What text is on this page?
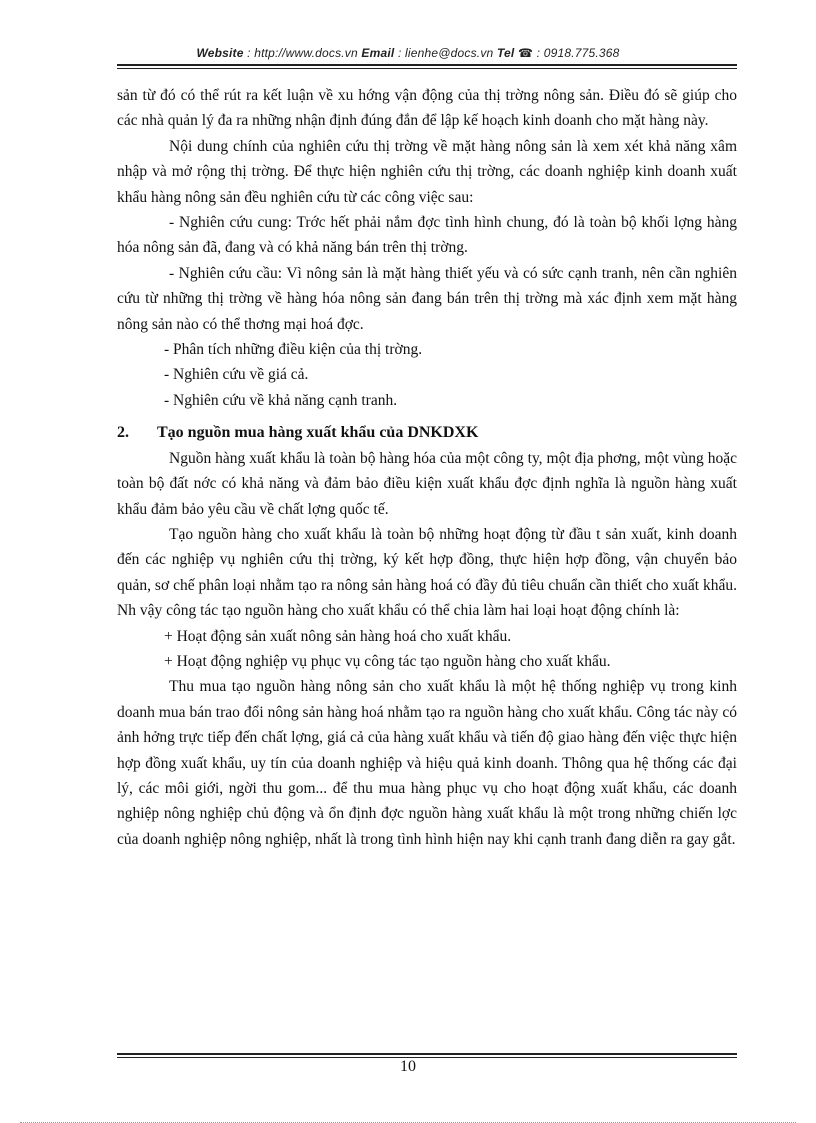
Website : http://www.docs.vn Email : lienhe@docs.vn Tel ☎ : 0918.775.368

sản từ đó có thể rút ra kết luận về xu hớng vận động của thị trờng nông sản. Điều đó sẽ giúp cho các nhà quản lý đa ra những nhận định đúng đắn để lập kế hoạch kinh doanh cho mặt hàng này.

Nội dung chính của nghiên cứu thị trờng về mặt hàng nông sản là xem xét khả năng xâm nhập và mở rộng thị trờng. Để thực hiện nghiên cứu thị trờng, các doanh nghiệp kinh doanh xuất khẩu hàng nông sản đều nghiên cứu từ các công việc sau:

- Nghiên cứu cung: Trớc hết phải nắm đợc tình hình chung, đó là toàn bộ khối lợng hàng hóa nông sản đã, đang và có khả năng bán trên thị trờng.

- Nghiên cứu cầu: Vì nông sản là mặt hàng thiết yếu và có sức cạnh tranh, nên cần nghiên cứu từ những thị trờng về hàng hóa nông sản đang bán trên thị trờng mà xác định xem mặt hàng nông sản nào có thể thơng mại hoá đợc.

- Phân tích những điều kiện của thị trờng.

- Nghiên cứu về giá cả.

- Nghiên cứu về khả năng cạnh tranh.

2. Tạo nguồn mua hàng xuất khẩu của DNKDXK

Nguồn hàng xuất khẩu là toàn bộ hàng hóa của một công ty, một địa phơng, một vùng hoặc toàn bộ đất nớc có khả năng và đảm bảo điều kiện xuất khẩu đợc định nghĩa là nguồn hàng xuất khẩu đảm bảo yêu cầu về chất lợng quốc tế.

Tạo nguồn hàng cho xuất khẩu là toàn bộ những hoạt động từ đầu t sản xuất, kinh doanh đến các nghiệp vụ nghiên cứu thị trờng, ký kết hợp đồng, thực hiện hợp đồng, vận chuyển bảo quản, sơ chế phân loại nhằm tạo ra nông sản hàng hoá có đầy đủ tiêu chuẩn cần thiết cho xuất khẩu. Nh vậy công tác tạo nguồn hàng cho xuất khẩu có thể chia làm hai loại hoạt động chính là:

+ Hoạt động sản xuất nông sản hàng hoá cho xuất khẩu.

+ Hoạt động nghiệp vụ phục vụ công tác tạo nguồn hàng cho xuất khẩu.

Thu mua tạo nguồn hàng nông sản cho xuất khẩu là một hệ thống nghiệp vụ trong kinh doanh mua bán trao đổi nông sản hàng hoá nhằm tạo ra nguồn hàng cho xuất khẩu. Công tác này có ảnh hởng trực tiếp đến chất lợng, giá cả của hàng xuất khẩu và tiến độ giao hàng đến việc thực hiện hợp đồng xuất khẩu, uy tín của doanh nghiệp và hiệu quả kinh doanh. Thông qua hệ thống các đại lý, các môi giới, ngời thu gom... để thu mua hàng phục vụ cho hoạt động xuất khẩu, các doanh nghiệp nông nghiệp chủ động và ổn định đợc nguồn hàng xuất khẩu là một trong những chiến lợc của doanh nghiệp nông nghiệp, nhất là trong tình hình hiện nay khi cạnh tranh đang diễn ra gay gắt.

10
